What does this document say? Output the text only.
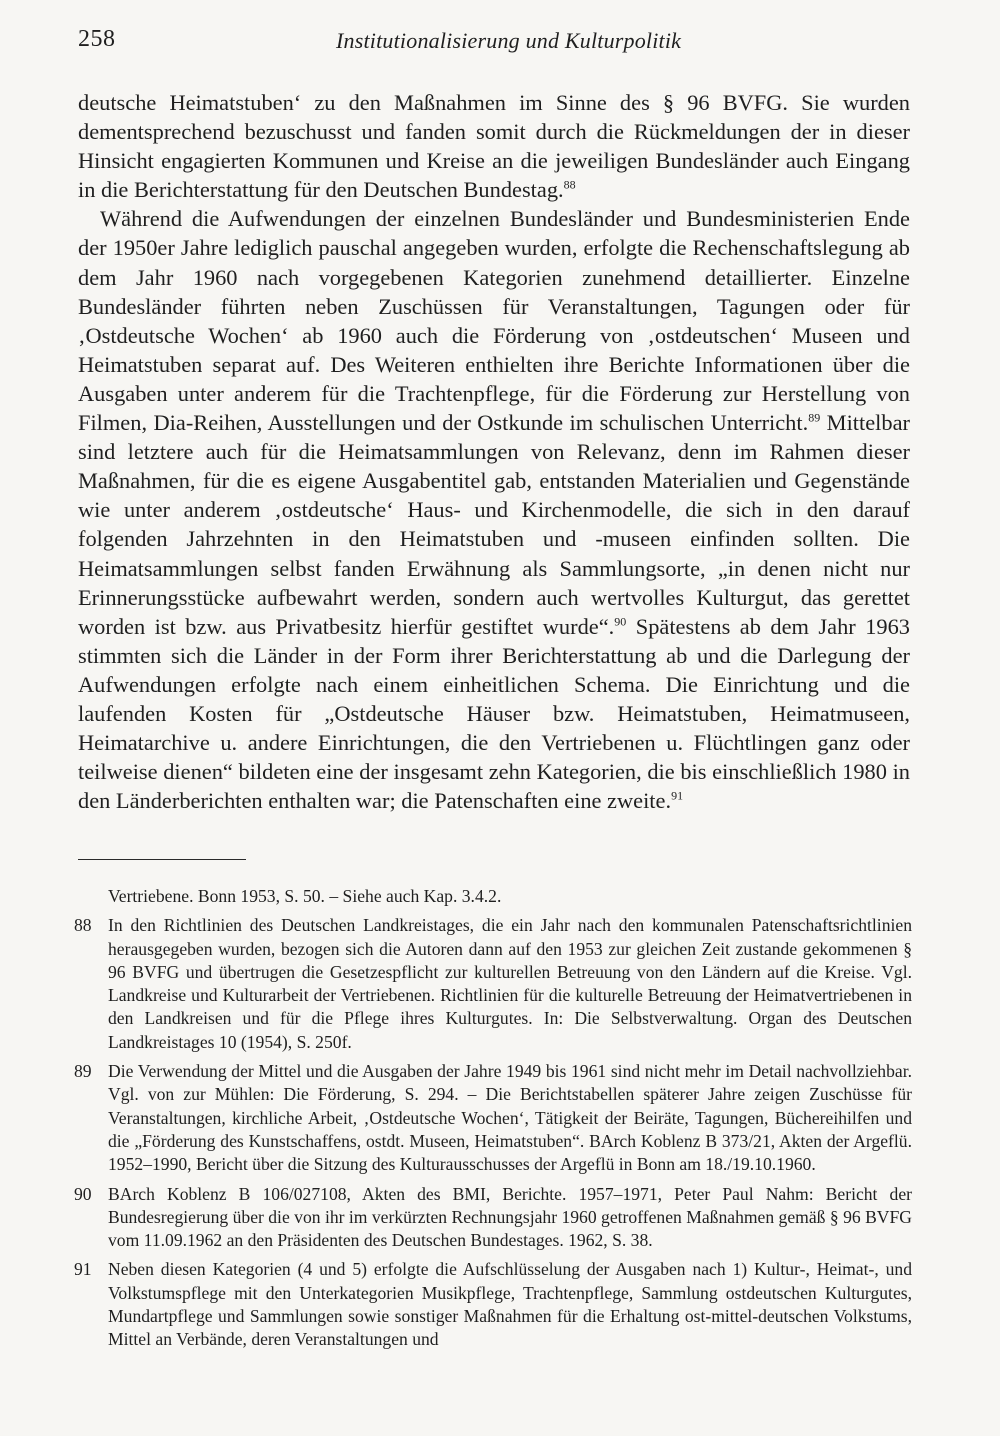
258	Institutionalisierung und Kulturpolitik

deutsche Heimatstuben‘ zu den Maßnahmen im Sinne des § 96 BVFG. Sie wurden dementsprechend bezuschusst und fanden somit durch die Rückmeldungen der in dieser Hinsicht engagierten Kommunen und Kreise an die jeweiligen Bundesländer auch Eingang in die Berichterstattung für den Deutschen Bundestag.$^{88}$

Während die Aufwendungen der einzelnen Bundesländer und Bundesministerien Ende der 1950er Jahre lediglich pauschal angegeben wurden, erfolgte die Rechenschaftslegung ab dem Jahr 1960 nach vorgegebenen Kategorien zunehmend detaillierter. Einzelne Bundesländer führten neben Zuschüssen für Veranstaltungen, Tagungen oder für ‚Ostdeutsche Wochen‘ ab 1960 auch die Förderung von ‚ostdeutschen‘ Museen und Heimatstuben separat auf. Des Weiteren enthielten ihre Berichte Informationen über die Ausgaben unter anderem für die Trachtenpflege, für die Förderung zur Herstellung von Filmen, Dia-Reihen, Ausstellungen und der Ostkunde im schulischen Unterricht.$^{89}$ Mittelbar sind letztere auch für die Heimatsammlungen von Relevanz, denn im Rahmen dieser Maßnahmen, für die es eigene Ausgabentitel gab, entstanden Materialien und Gegenstände wie unter anderem ‚ostdeutsche‘ Haus- und Kirchenmodelle, die sich in den darauf folgenden Jahrzehnten in den Heimatstuben und -museen einfinden sollten. Die Heimatsammlungen selbst fanden Erwähnung als Sammlungsorte, „in denen nicht nur Erinnerungsstücke aufbewahrt werden, sondern auch wertvolles Kulturgut, das gerettet worden ist bzw. aus Privatbesitz hierfür gestiftet wurde“.$^{90}$ Spätestens ab dem Jahr 1963 stimmten sich die Länder in der Form ihrer Berichterstattung ab und die Darlegung der Aufwendungen erfolgte nach einem einheitlichen Schema. Die Einrichtung und die laufenden Kosten für „Ostdeutsche Häuser bzw. Heimatstuben, Heimatmuseen, Heimatarchive u. andere Einrichtungen, die den Vertriebenen u. Flüchtlingen ganz oder teilweise dienen“ bildeten eine der insgesamt zehn Kategorien, die bis einschließlich 1980 in den Länderberichten enthalten war; die Patenschaften eine zweite.$^{91}$

Vertriebene. Bonn 1953, S. 50. – Siehe auch Kap. 3.4.2.

88 In den Richtlinien des Deutschen Landkreistages, die ein Jahr nach den kommunalen Patenschaftsrichtlinien herausgegeben wurden, bezogen sich die Autoren dann auf den 1953 zur gleichen Zeit zustande gekommenen § 96 BVFG und übertrugen die Gesetzespflicht zur kulturellen Betreuung von den Ländern auf die Kreise. Vgl. Landkreise und Kulturarbeit der Vertriebenen. Richtlinien für die kulturelle Betreuung der Heimatvertriebenen in den Landkreisen und für die Pflege ihres Kulturgutes. In: Die Selbstverwaltung. Organ des Deutschen Landkreistages 10 (1954), S. 250f.

89 Die Verwendung der Mittel und die Ausgaben der Jahre 1949 bis 1961 sind nicht mehr im Detail nachvollziehbar. Vgl. von zur Mühlen: Die Förderung, S. 294. – Die Berichtstabellen späterer Jahre zeigen Zuschüsse für Veranstaltungen, kirchliche Arbeit, ‚Ostdeutsche Wochen‘, Tätigkeit der Beiräte, Tagungen, Büchereihilfen und die „Förderung des Kunstschaffens, ostdt. Museen, Heimatstuben“. BArch Koblenz B 373/21, Akten der Argeflü. 1952–1990, Bericht über die Sitzung des Kulturausschusses der Argeflü in Bonn am 18./19.10.1960.

90 BArch Koblenz B 106/027108, Akten des BMI, Berichte. 1957–1971, Peter Paul Nahm: Bericht der Bundesregierung über die von ihr im verkürzten Rechnungsjahr 1960 getroffenen Maßnahmen gemäß § 96 BVFG vom 11.09.1962 an den Präsidenten des Deutschen Bundestages. 1962, S. 38.

91 Neben diesen Kategorien (4 und 5) erfolgte die Aufschlüsselung der Ausgaben nach 1) Kultur-, Heimat-, und Volkstumspflege mit den Unterkategorien Musikpflege, Trachtenpflege, Sammlung ostdeutschen Kulturgutes, Mundartpflege und Sammlungen sowie sonstiger Maßnahmen für die Erhaltung ost-mittel-deutschen Volkstums, Mittel an Verbände, deren Veranstaltungen und
